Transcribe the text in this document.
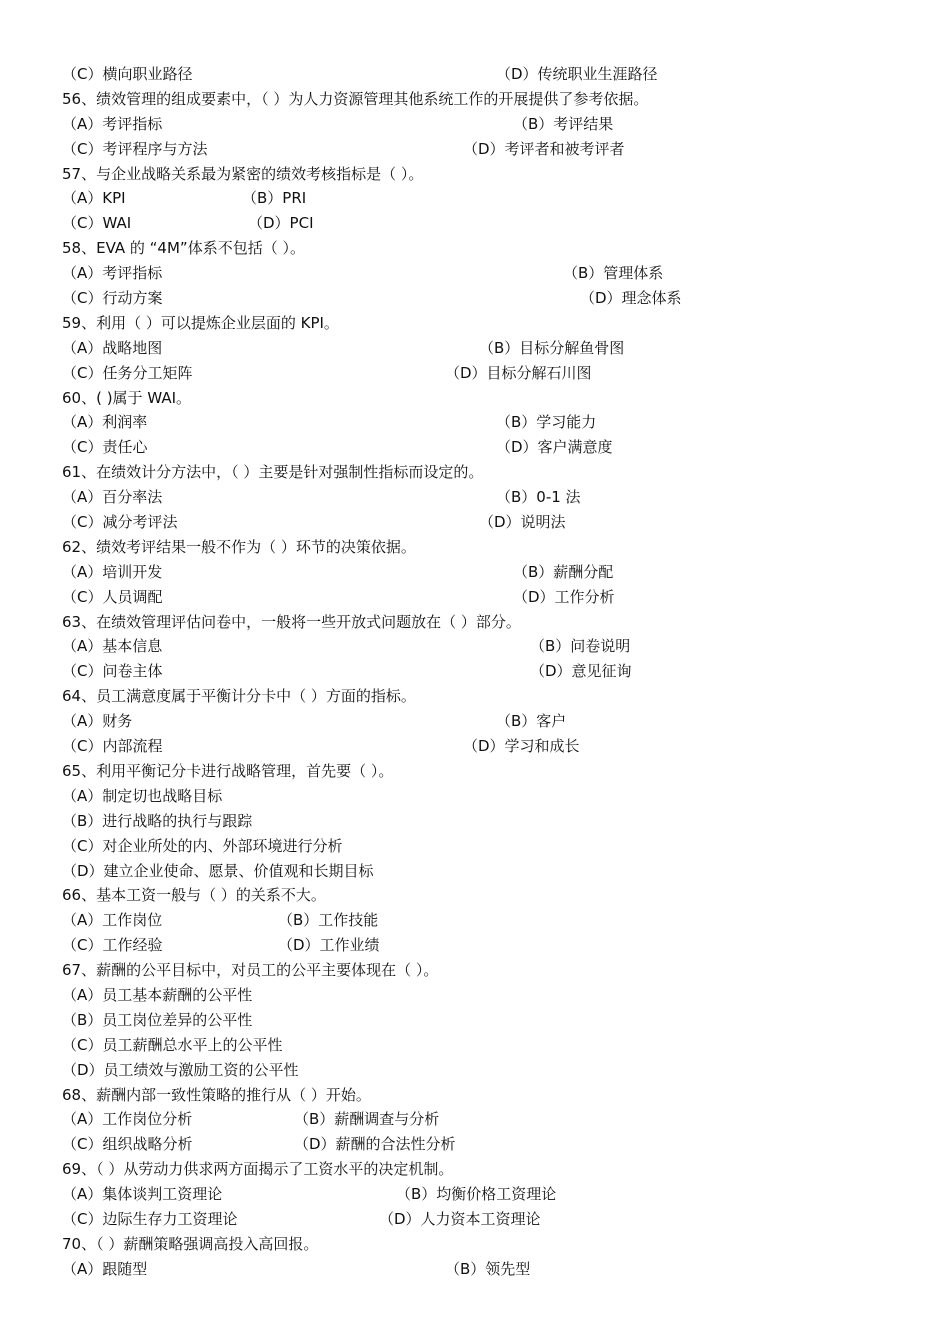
（C）横向职业路径	（D）传统职业生涯路径
56、绩效管理的组成要素中，（ ）为人力资源管理其他系统工作的开展提供了参考依据。
（A）考评指标	（B）考评结果
（C）考评程序与方法	（D）考评者和被考评者
57、与企业战略关系最为紧密的绩效考核指标是（ ）。
（A）KPI	（B）PRI
（C）WAI	（D）PCI
58、EVA 的 “4M”体系不包括（ ）。
（A）考评指标	（B）管理体系
（C）行动方案	（D）理念体系
59、利用（ ）可以提炼企业层面的 KPI。
（A）战略地图	（B）目标分解鱼骨图
（C）任务分工矩阵	（D）目标分解石川图
60、( )属于 WAI。
（A）利润率	（B）学习能力
（C）责任心	（D）客户满意度
61、在绩效计分方法中，（ ）主要是针对强制性指标而设定的。
（A）百分率法	（B）0-1 法
（C）减分考评法	（D）说明法
62、绩效考评结果一般不作为（ ）环节的决策依据。
（A）培训开发	（B）薪酬分配
（C）人员调配	（D）工作分析
63、在绩效管理评估问卷中，一般将一些开放式问题放在（ ）部分。
（A）基本信息	（B）问卷说明
（C）问卷主体	（D）意见征询
64、员工满意度属于平衡计分卡中（ ）方面的指标。
（A）财务	（B）客户
（C）内部流程	（D）学习和成长
65、利用平衡记分卡进行战略管理，首先要（ ）。
（A）制定切也战略目标
（B）进行战略的执行与跟踪
（C）对企业所处的内、外部环境进行分析
（D）建立企业使命、愿景、价值观和长期目标
66、基本工资一般与（ ）的关系不大。
（A）工作岗位	（B）工作技能
（C）工作经验	（D）工作业绩
67、薪酬的公平目标中，对员工的公平主要体现在（ ）。
（A）员工基本薪酬的公平性
（B）员工岗位差异的公平性
（C）员工薪酬总水平上的公平性
（D）员工绩效与激励工资的公平性
68、薪酬内部一致性策略的推行从（ ）开始。
（A）工作岗位分析	（B）薪酬调查与分析
（C）组织战略分析	（D）薪酬的合法性分析
69、（ ）从劳动力供求两方面揭示了工资水平的决定机制。
（A）集体谈判工资理论	（B）均衡价格工资理论
（C）边际生存力工资理论	（D）人力资本工资理论
70、（ ）薪酬策略强调高投入高回报。
（A）跟随型	（B）领先型
